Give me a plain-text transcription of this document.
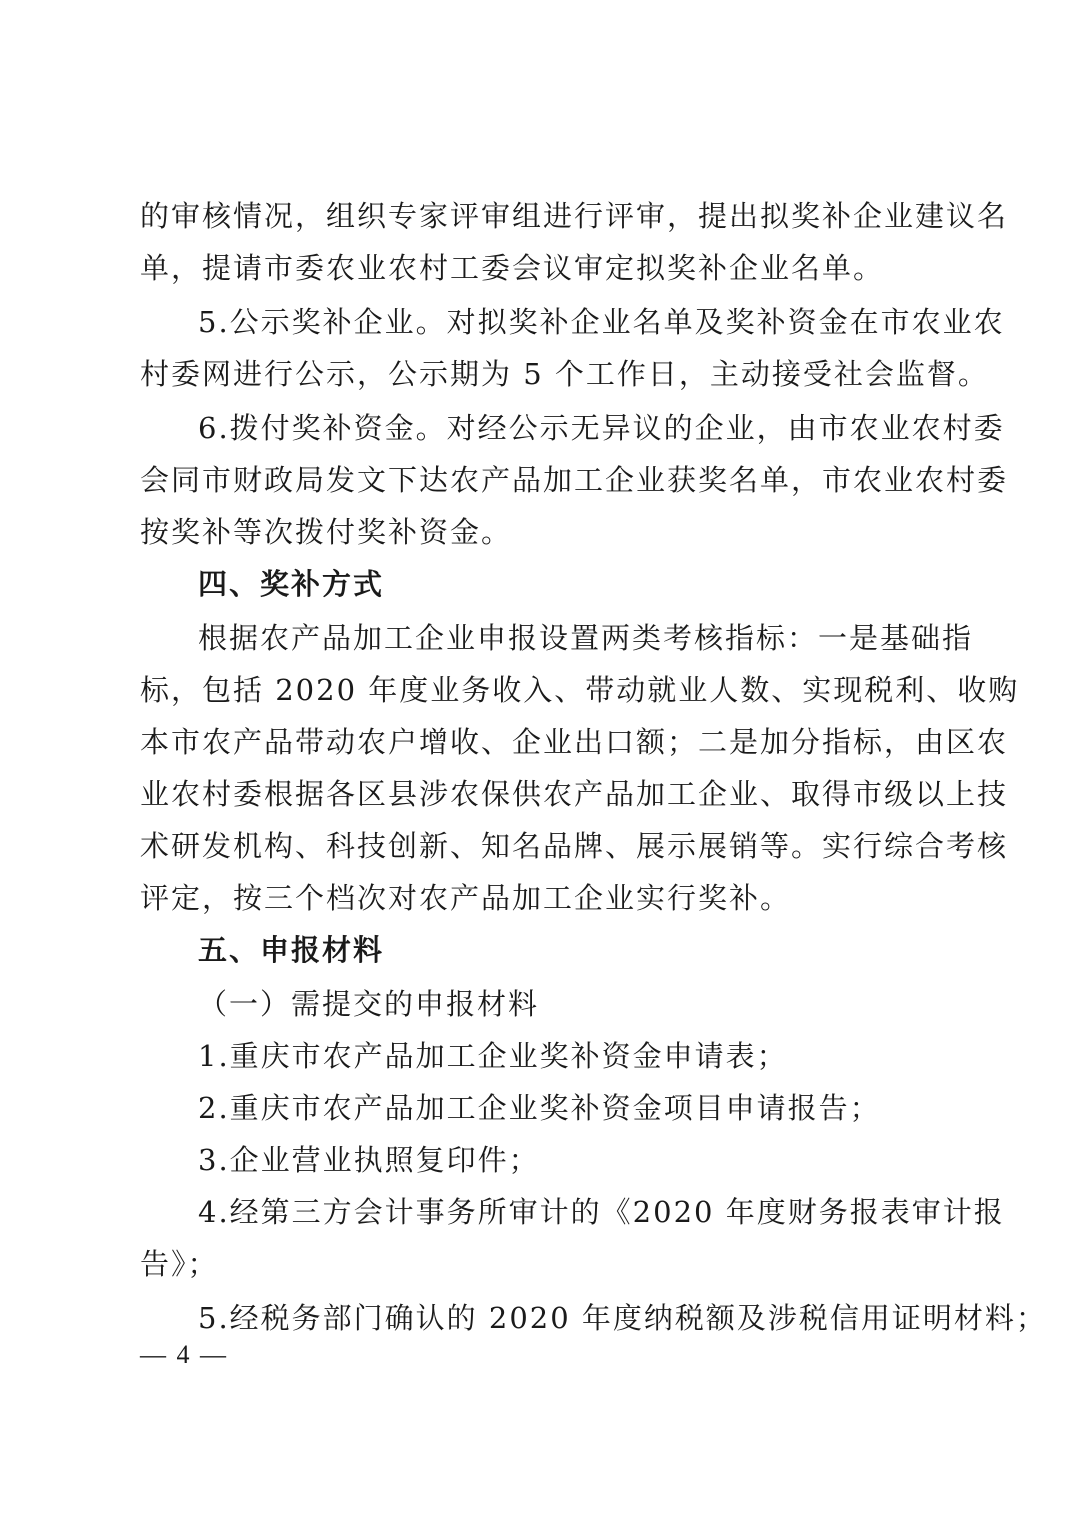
的审核情况，组织专家评审组进行评审，提出拟奖补企业建议名
单，提请市委农业农村工委会议审定拟奖补企业名单。
5.公示奖补企业。对拟奖补企业名单及奖补资金在市农业农
村委网进行公示，公示期为 5 个工作日，主动接受社会监督。
6.拨付奖补资金。对经公示无异议的企业，由市农业农村委
会同市财政局发文下达农产品加工企业获奖名单，市农业农村委
按奖补等次拨付奖补资金。
四、奖补方式
根据农产品加工企业申报设置两类考核指标：一是基础指
标，包括 2020 年度业务收入、带动就业人数、实现税利、收购
本市农产品带动农户增收、企业出口额；二是加分指标，由区农
业农村委根据各区县涉农保供农产品加工企业、取得市级以上技
术研发机构、科技创新、知名品牌、展示展销等。实行综合考核
评定，按三个档次对农产品加工企业实行奖补。
五、申报材料
（一）需提交的申报材料
1.重庆市农产品加工企业奖补资金申请表；
2.重庆市农产品加工企业奖补资金项目申请报告；
3.企业营业执照复印件；
4.经第三方会计事务所审计的《2020 年度财务报表审计报
告》；
5.经税务部门确认的 2020 年度纳税额及涉税信用证明材料；
— 4 —
